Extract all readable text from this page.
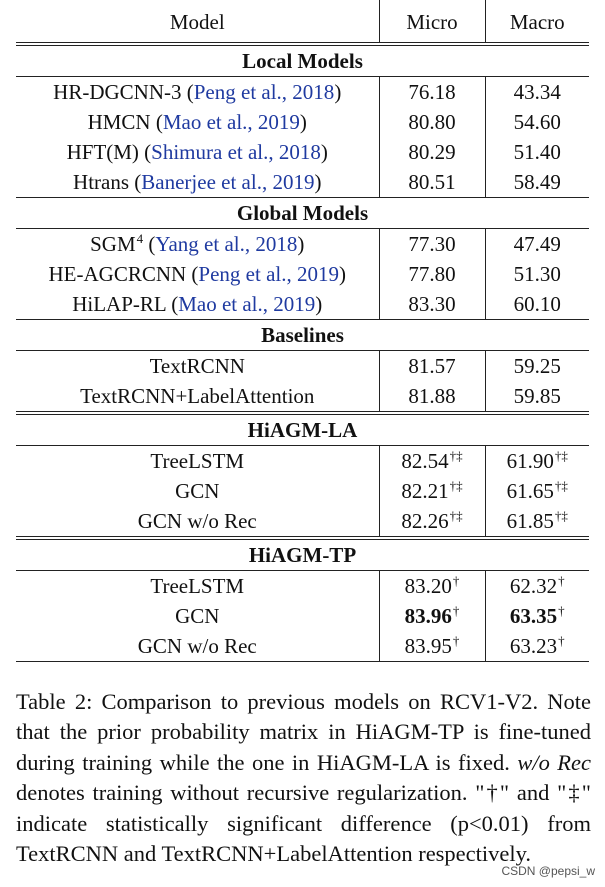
Model	Micro	Macro
Local Models		
HR-DGCNN-3 (Peng et al., 2018)	76.18	43.34
HMCN (Mao et al., 2019)	80.80	54.60
HFT(M) (Shimura et al., 2018)	80.29	51.40
Htrans (Banerjee et al., 2019)	80.51	58.49
Global Models		
SGM$^4$ (Yang et al., 2018)	77.30	47.49
HE-AGCRCNN (Peng et al., 2019)	77.80	51.30
HiLAP-RL (Mao et al., 2019)	83.30	60.10
Baselines		
TextRCNN	81.57	59.25
TextRCNN+LabelAttention	81.88	59.85
HiAGM-LA		
TreeLSTM	82.54†‡	61.90†‡
GCN	82.21†‡	61.65†‡
GCN w/o Rec	82.26†‡	61.85†‡
HiAGM-TP		
TreeLSTM	83.20†	62.32†
GCN	83.96†	63.35†
GCN w/o Rec	83.95†	63.23†

Table 2: Comparison to previous models on RCV1-V2. Note that the prior probability matrix in HiAGM-TP is fine-tuned during training while the one in HiAGM-LA is fixed. w/o Rec denotes training without recursive regularization. "†" and "‡" indicate statistically significant difference (p<0.01) from TextRCNN and TextRCNN+LabelAttention respectively.

CSDN @pepsi_w
